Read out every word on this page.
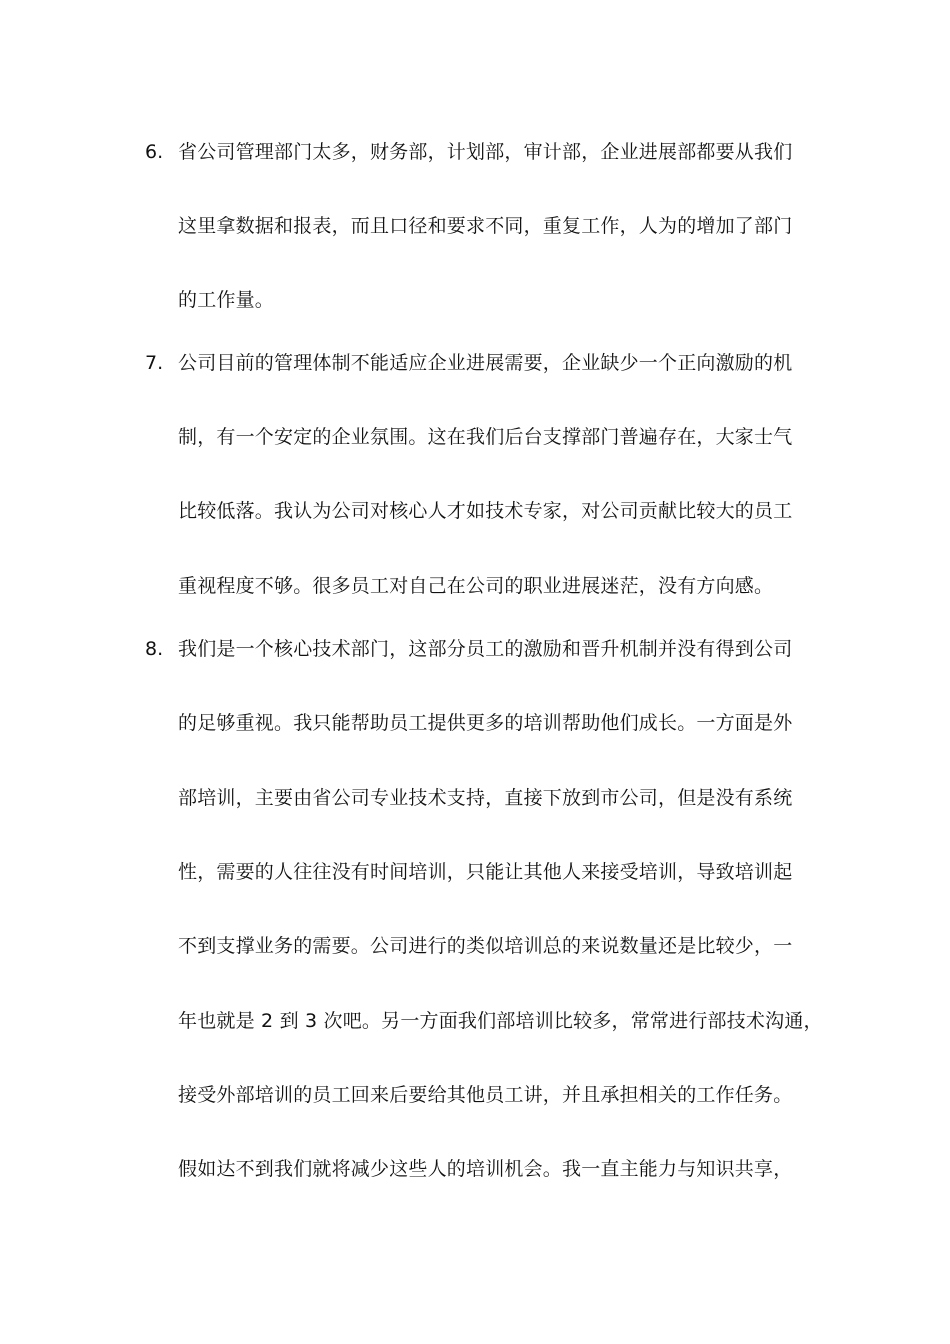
6. 省公司管理部门太多，财务部，计划部，审计部，企业进展部都要从我们
这里拿数据和报表，而且口径和要求不同，重复工作，人为的增加了部门
的工作量。
7. 公司目前的管理体制不能适应企业进展需要，企业缺少一个正向激励的机
制，有一个安定的企业氛围。这在我们后台支撑部门普遍存在，大家士气
比较低落。我认为公司对核心人才如技术专家，对公司贡献比较大的员工
重视程度不够。很多员工对自己在公司的职业进展迷茫，没有方向感。
8. 我们是一个核心技术部门，这部分员工的激励和晋升机制并没有得到公司
的足够重视。我只能帮助员工提供更多的培训帮助他们成长。一方面是外
部培训，主要由省公司专业技术支持，直接下放到市公司，但是没有系统
性，需要的人往往没有时间培训，只能让其他人来接受培训，导致培训起
不到支撑业务的需要。公司进行的类似培训总的来说数量还是比较少，一
年也就是 2 到 3 次吧。另一方面我们部培训比较多，常常进行部技术沟通，
接受外部培训的员工回来后要给其他员工讲，并且承担相关的工作任务。
假如达不到我们就将减少这些人的培训机会。我一直主能力与知识共享，
